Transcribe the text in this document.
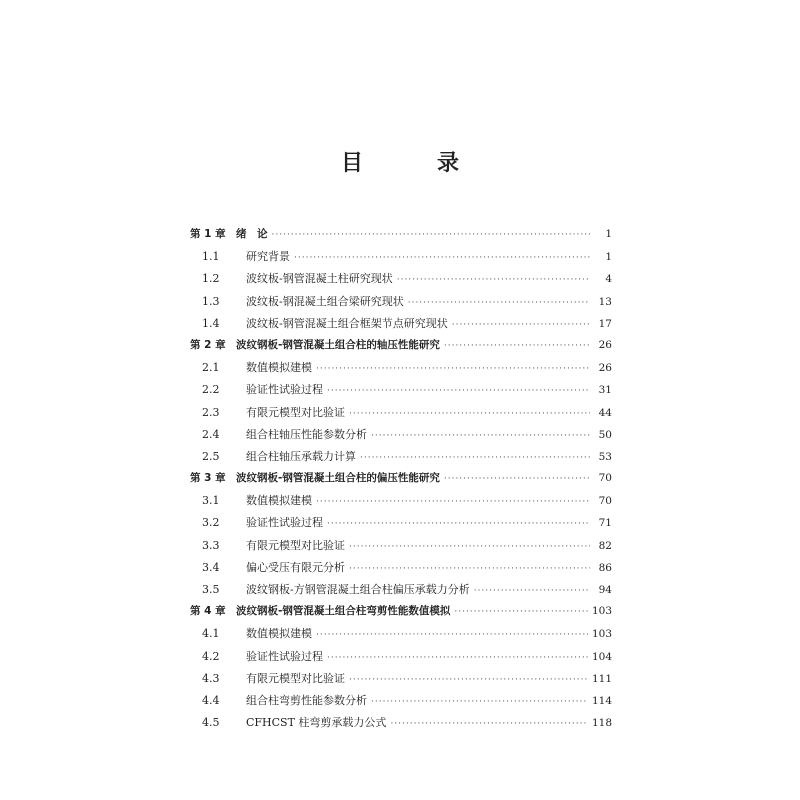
目　录
第 1 章 绪　论 ·····	1
1.1	研究背景 ·····	1
1.2	波纹板-钢管混凝土柱研究现状 ·····	4
1.3	波纹板-钢混凝土组合梁研究现状 ·····	13
1.4	波纹板-钢管混凝土组合框架节点研究现状 ·····	17
第 2 章 波纹钢板-钢管混凝土组合柱的轴压性能研究 ·····	26
2.1	数值模拟建模 ·····	26
2.2	验证性试验过程 ·····	31
2.3	有限元模型对比验证 ·····	44
2.4	组合柱轴压性能参数分析 ·····	50
2.5	组合柱轴压承载力计算 ·····	53
第 3 章 波纹钢板-钢管混凝土组合柱的偏压性能研究 ·····	70
3.1	数值模拟建模 ·····	70
3.2	验证性试验过程 ·····	71
3.3	有限元模型对比验证 ·····	82
3.4	偏心受压有限元分析 ·····	86
3.5	波纹钢板-方钢管混凝土组合柱偏压承载力分析 ·····	94
第 4 章 波纹钢板-钢管混凝土组合柱弯剪性能数值模拟 ·····	103
4.1	数值模拟建模 ·····	103
4.2	验证性试验过程 ·····	104
4.3	有限元模型对比验证 ·····	111
4.4	组合柱弯剪性能参数分析 ·····	114
4.5	CFHCST 柱弯剪承载力公式 ·····	118
